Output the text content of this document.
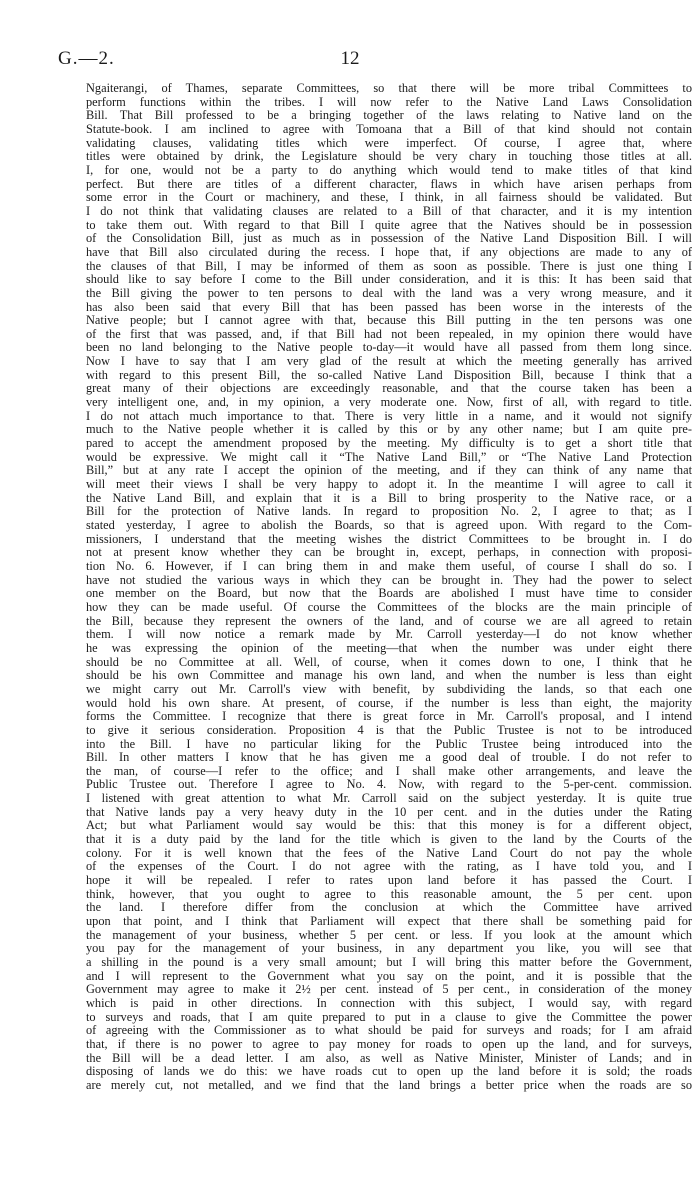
G.—2.	12
Ngaiterangi, of Thames, separate Committees, so that there will be more tribal Committees to
perform functions within the tribes. I will now refer to the Native Land Laws Consolidation
Bill. That Bill professed to be a bringing together of the laws relating to Native land on the
Statute-book. I am inclined to agree with Tomoana that a Bill of that kind should not contain
validating clauses, validating titles which were imperfect. Of course, I agree that, where
titles were obtained by drink, the Legislature should be very chary in touching those titles at all.
I, for one, would not be a party to do anything which would tend to make titles of that kind
perfect. But there are titles of a different character, flaws in which have arisen perhaps from
some error in the Court or machinery, and these, I think, in all fairness should be validated. But
I do not think that validating clauses are related to a Bill of that character, and it is my intention
to take them out. With regard to that Bill I quite agree that the Natives should be in possession
of the Consolidation Bill, just as much as in possession of the Native Land Disposition Bill. I will
have that Bill also circulated during the recess. I hope that, if any objections are made to any of
the clauses of that Bill, I may be informed of them as soon as possible. There is just one thing I
should like to say before I come to the Bill under consideration, and it is this: It has been said that
the Bill giving the power to ten persons to deal with the land was a very wrong measure, and it
has also been said that every Bill that has been passed has been worse in the interests of the
Native people; but I cannot agree with that, because this Bill putting in the ten persons was one
of the first that was passed, and, if that Bill had not been repealed, in my opinion there would have
been no land belonging to the Native people to-day—it would have all passed from them long since.
Now I have to say that I am very glad of the result at which the meeting generally has arrived
with regard to this present Bill, the so-called Native Land Disposition Bill, because I think that a
great many of their objections are exceedingly reasonable, and that the course taken has been a
very intelligent one, and, in my opinion, a very moderate one. Now, first of all, with regard to title.
I do not attach much importance to that. There is very little in a name, and it would not signify
much to the Native people whether it is called by this or by any other name; but I am quite pre-
pared to accept the amendment proposed by the meeting. My difficulty is to get a short title that
would be expressive. We might call it “The Native Land Bill,” or “The Native Land Protection
Bill,” but at any rate I accept the opinion of the meeting, and if they can think of any name that
will meet their views I shall be very happy to adopt it. In the meantime I will agree to call it
the Native Land Bill, and explain that it is a Bill to bring prosperity to the Native race, or a
Bill for the protection of Native lands. In regard to proposition No. 2, I agree to that; as I
stated yesterday, I agree to abolish the Boards, so that is agreed upon. With regard to the Com-
missioners, I understand that the meeting wishes the district Committees to be brought in. I do
not at present know whether they can be brought in, except, perhaps, in connection with proposi-
tion No. 6. However, if I can bring them in and make them useful, of course I shall do so. I
have not studied the various ways in which they can be brought in. They had the power to select
one member on the Board, but now that the Boards are abolished I must have time to consider
how they can be made useful. Of course the Committees of the blocks are the main principle of
the Bill, because they represent the owners of the land, and of course we are all agreed to retain
them. I will now notice a remark made by Mr. Carroll yesterday—I do not know whether
he was expressing the opinion of the meeting—that when the number was under eight there
should be no Committee at all. Well, of course, when it comes down to one, I think that he
should be his own Committee and manage his own land, and when the number is less than eight
we might carry out Mr. Carroll's view with benefit, by subdividing the lands, so that each one
would hold his own share. At present, of course, if the number is less than eight, the majority
forms the Committee. I recognize that there is great force in Mr. Carroll's proposal, and I intend
to give it serious consideration. Proposition 4 is that the Public Trustee is not to be introduced
into the Bill. I have no particular liking for the Public Trustee being introduced into the
Bill. In other matters I know that he has given me a good deal of trouble. I do not refer to
the man, of course—I refer to the office; and I shall make other arrangements, and leave the
Public Trustee out. Therefore I agree to No. 4. Now, with regard to the 5-per-cent. commission.
I listened with great attention to what Mr. Carroll said on the subject yesterday. It is quite true
that Native lands pay a very heavy duty in the 10 per cent. and in the duties under the Rating
Act; but what Parliament would say would be this: that this money is for a different object,
that it is a duty paid by the land for the title which is given to the land by the Courts of the
colony. For it is well known that the fees of the Native Land Court do not pay the whole
of the expenses of the Court. I do not agree with the rating, as I have told you, and I
hope it will be repealed. I refer to rates upon land before it has passed the Court. I
think, however, that you ought to agree to this reasonable amount, the 5 per cent. upon
the land. I therefore differ from the conclusion at which the Committee have arrived
upon that point, and I think that Parliament will expect that there shall be something paid for
the management of your business, whether 5 per cent. or less. If you look at the amount which
you pay for the management of your business, in any department you like, you will see that
a shilling in the pound is a very small amount; but I will bring this matter before the Government,
and I will represent to the Government what you say on the point, and it is possible that the
Government may agree to make it 2½ per cent. instead of 5 per cent., in consideration of the money
which is paid in other directions. In connection with this subject, I would say, with regard
to surveys and roads, that I am quite prepared to put in a clause to give the Committee the power
of agreeing with the Commissioner as to what should be paid for surveys and roads; for I am afraid
that, if there is no power to agree to pay money for roads to open up the land, and for surveys,
the Bill will be a dead letter. I am also, as well as Native Minister, Minister of Lands; and in
disposing of lands we do this: we have roads cut to open up the land before it is sold; the roads
are merely cut, not metalled, and we find that the land brings a better price when the roads are so
